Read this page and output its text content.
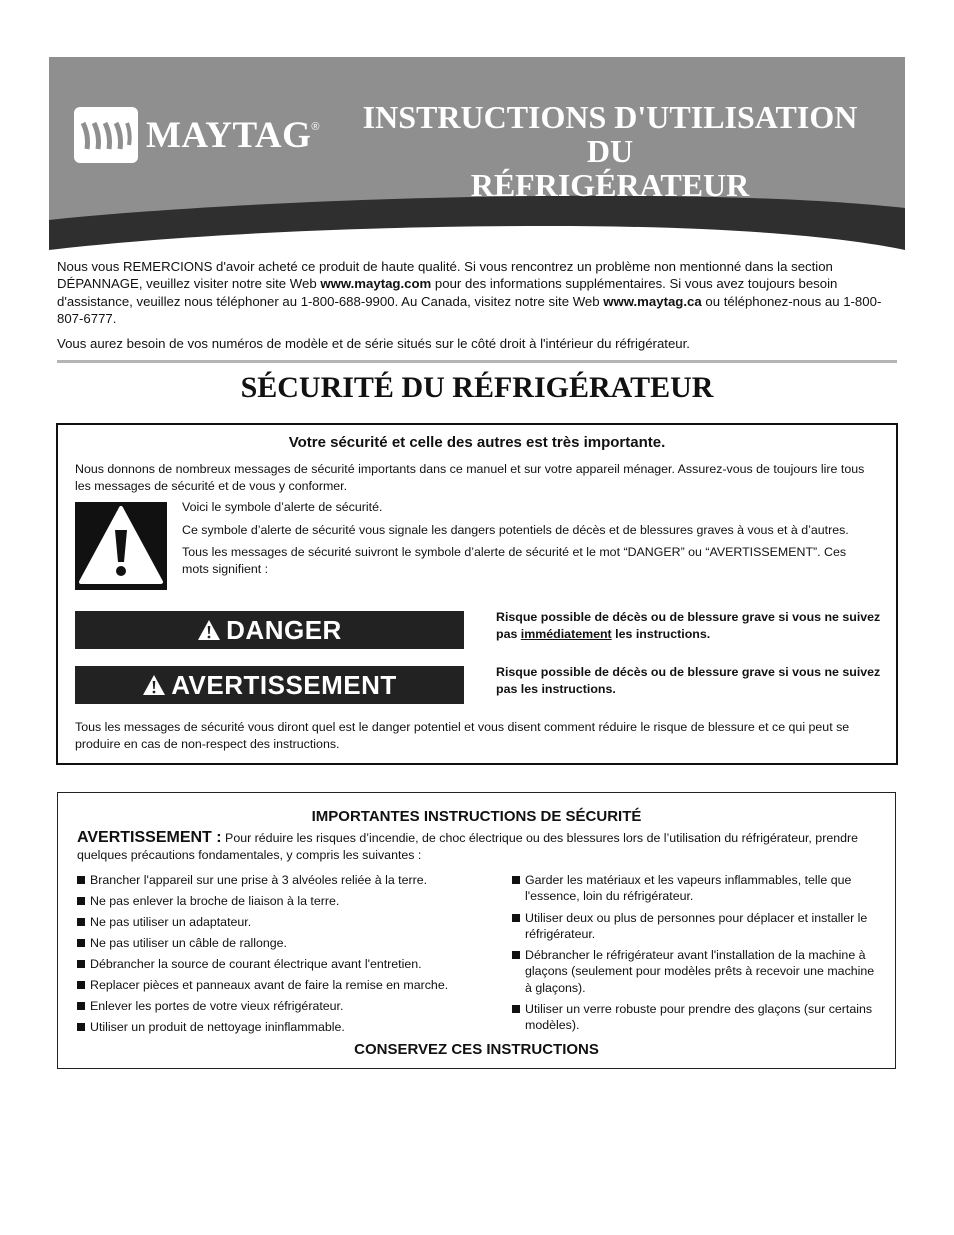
MAYTAG ®	INSTRUCTIONS D'UTILISATION DU
RÉFRIGÉRATEUR

Nous vous REMERCIONS d'avoir acheté ce produit de haute qualité. Si vous rencontrez un problème non mentionné dans la section DÉPANNAGE, veuillez visiter notre site Web www.maytag.com pour des informations supplémentaires. Si vous avez toujours besoin d'assistance, veuillez nous téléphoner au 1-800-688-9900. Au Canada, visitez notre site Web www.maytag.ca ou téléphonez-nous au 1-800-807-6777.

Vous aurez besoin de vos numéros de modèle et de série situés sur le côté droit à l'intérieur du réfrigérateur.

SÉCURITÉ DU RÉFRIGÉRATEUR
Votre sécurité et celle des autres est très importante.
Nous donnons de nombreux messages de sécurité importants dans ce manuel et sur votre appareil ménager. Assurez-vous de toujours lire tous les messages de sécurité et de vous y conformer.

Voici le symbole d’alerte de sécurité.

Ce symbole d’alerte de sécurité vous signale les dangers potentiels de décès et de blessures graves à vous et à d’autres.

Tous les messages de sécurité suivront le symbole d’alerte de sécurité et le mot “DANGER” ou “AVERTISSEMENT”. Ces mots signifient :

DANGER	Risque possible de décès ou de blessure grave si vous ne suivez pas immédiatement les instructions.
AVERTISSEMENT	Risque possible de décès ou de blessure grave si vous ne suivez pas les instructions.
Tous les messages de sécurité vous diront quel est le danger potentiel et vous disent comment réduire le risque de blessure et ce qui peut se produire en cas de non-respect des instructions.
IMPORTANTES INSTRUCTIONS DE SÉCURITÉ
AVERTISSEMENT : Pour réduire les risques d’incendie, de choc électrique ou des blessures lors de l’utilisation du réfrigérateur, prendre quelques précautions fondamentales, y compris les suivantes :
Brancher l'appareil sur une prise à 3 alvéoles reliée à la terre.
Ne pas enlever la broche de liaison à la terre.
Ne pas utiliser un adaptateur.
Ne pas utiliser un câble de rallonge.
Débrancher la source de courant électrique avant l'entretien.
Replacer pièces et panneaux avant de faire la remise en marche.
Enlever les portes de votre vieux réfrigérateur.
Utiliser un produit de nettoyage ininflammable.
Garder les matériaux et les vapeurs inflammables, telle que l'essence, loin du réfrigérateur.
Utiliser deux ou plus de personnes pour déplacer et installer le réfrigérateur.
Débrancher le réfrigérateur avant l'installation de la machine à glaçons (seulement pour modèles prêts à recevoir une machine à glaçons).
Utiliser un verre robuste pour prendre des glaçons (sur certains modèles).
CONSERVEZ CES INSTRUCTIONS
